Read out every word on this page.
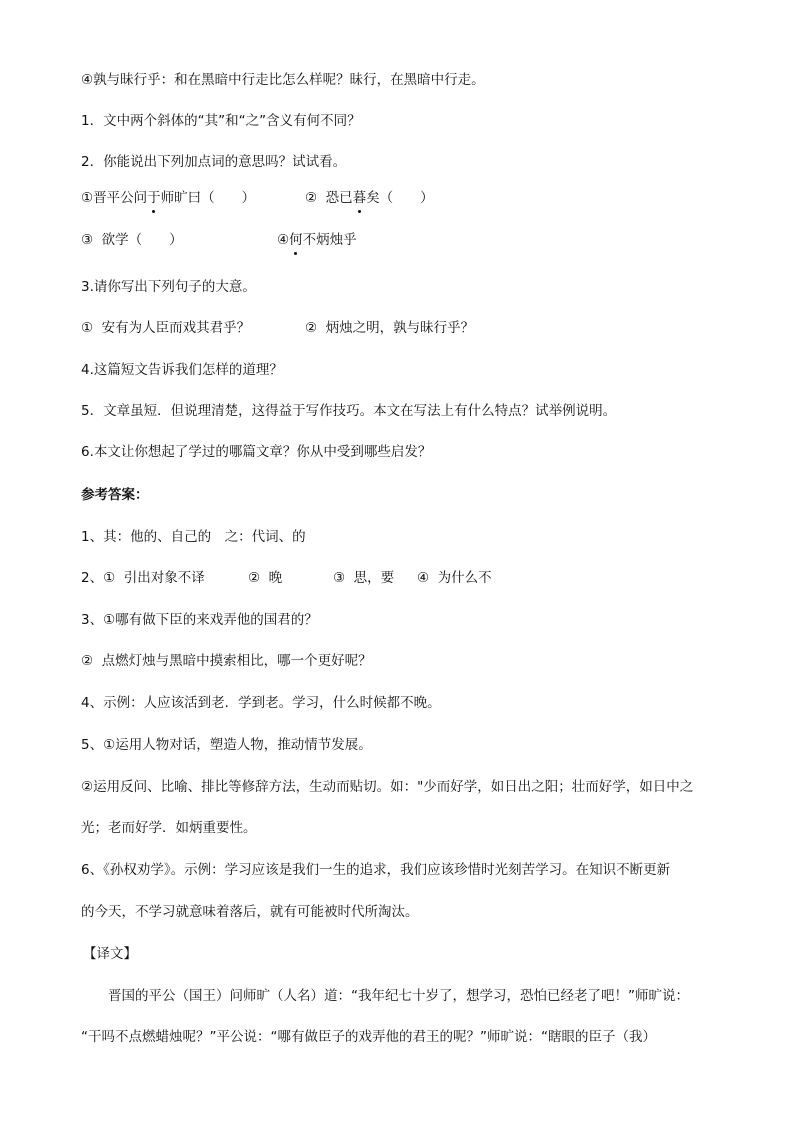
④孰与昧行乎：和在黑暗中行走比怎么样呢？昧行，在黑暗中行走。
1．文中两个斜体的“其”和“之”含义有何不同？
2．你能说出下列加点词的意思吗？试试看。
①晋平公问于师旷曰（　　）	②  恐已暮矣（　　）
③  欲学（　　）	④何不炳烛乎
3.请你写出下列句子的大意。
①  安有为人臣而戏其君乎？	②  炳烛之明，孰与昧行乎？
4.这篇短文告诉我们怎样的道理？
5．文章虽短．但说理清楚，这得益于写作技巧。本文在写法上有什么特点？试举例说明。
6.本文让你想起了学过的哪篇文章？你从中受到哪些启发？
参考答案：
1、其：他的、自己的　之：代词、的
2、①  引出对象不译	②  晚	③  思，要 ④  为什么不
3、①哪有做下臣的来戏弄他的国君的？
②  点燃灯烛与黑暗中摸索相比，哪一个更好呢？
4、示例：人应该活到老．学到老。学习，什么时候都不晚。
5、①运用人物对话，塑造人物，推动情节发展。
②运用反问、比喻、排比等修辞方法，生动而贴切。如："少而好学，如日出之阳；壮而好学，如日中之
光；老而好学．如炳重要性。
6、《孙权劝学》。示例：学习应该是我们一生的追求，我们应该珍惜时光刻苦学习。在知识不断更新
的今天，不学习就意味着落后，就有可能被时代所淘汰。
【译文】
晋国的平公（国王）问师旷（人名）道：“我年纪七十岁了，想学习，恐怕已经老了吧！”师旷说：
“干吗不点燃蜡烛呢？”平公说：“哪有做臣子的戏弄他的君王的呢？”师旷说：“瞎眼的臣子（我）
